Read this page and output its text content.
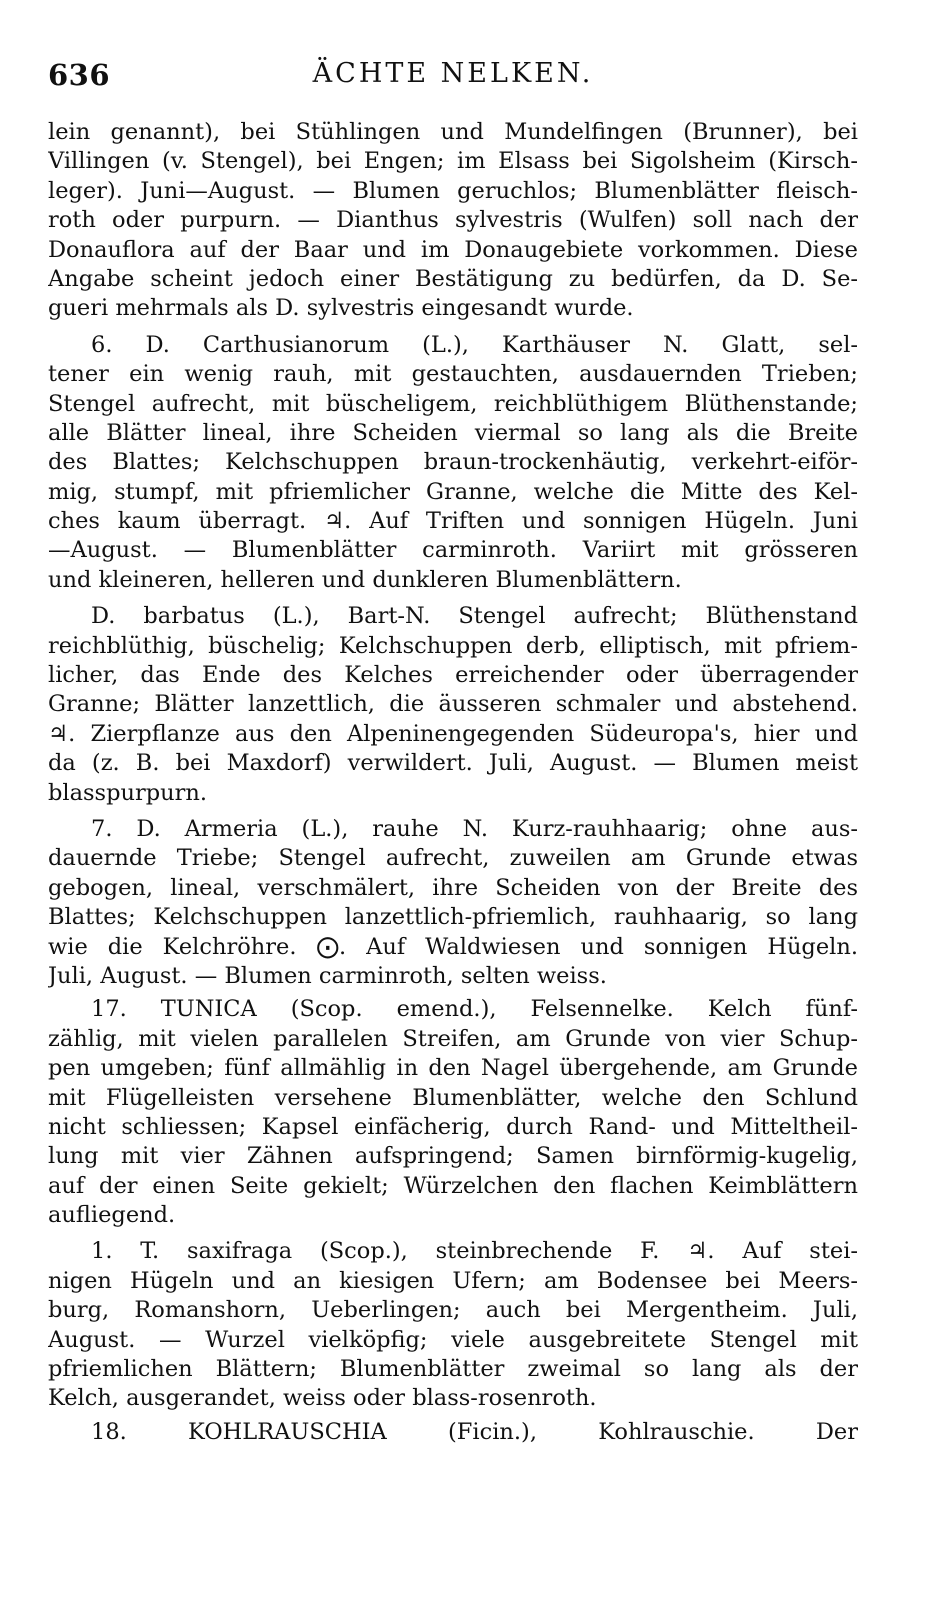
636	ÄCHTE NELKEN.
lein genannt), bei Stühlingen und Mundelfingen (Brunner), bei
Villingen (v. Stengel), bei Engen; im Elsass bei Sigolsheim (Kirsch-
leger). Juni—August. — Blumen geruchlos; Blumenblätter fleisch-
roth oder purpurn. — Dianthus sylvestris (Wulfen) soll nach der
Donauflora auf der Baar und im Donaugebiete vorkommen. Diese
Angabe scheint jedoch einer Bestätigung zu bedürfen, da D. Se-
gueri mehrmals als D. sylvestris eingesandt wurde.
6. D. Carthusianorum (L.), Karthäuser N. Glatt, sel-
tener ein wenig rauh, mit gestauchten, ausdauernden Trieben;
Stengel aufrecht, mit büscheligem, reichblüthigem Blüthenstande;
alle Blätter lineal, ihre Scheiden viermal so lang als die Breite
des Blattes; Kelchschuppen braun-trockenhäutig, verkehrt-eiför-
mig, stumpf, mit pfriemlicher Granne, welche die Mitte des Kel-
ches kaum überragt. ♃. Auf Triften und sonnigen Hügeln. Juni
—August. — Blumenblätter carminroth. Variirt mit grösseren
und kleineren, helleren und dunkleren Blumenblättern.
D. barbatus (L.), Bart-N. Stengel aufrecht; Blüthenstand
reichblüthig, büschelig; Kelchschuppen derb, elliptisch, mit pfriem-
licher, das Ende des Kelches erreichender oder überragender
Granne; Blätter lanzettlich, die äusseren schmaler und abstehend.
♃. Zierpflanze aus den Alpeninengegenden Südeuropa's, hier und
da (z. B. bei Maxdorf) verwildert. Juli, August. — Blumen meist
blasspurpurn.
7. D. Armeria (L.), rauhe N. Kurz-rauhhaarig; ohne aus-
dauernde Triebe; Stengel aufrecht, zuweilen am Grunde etwas
gebogen, lineal, verschmälert, ihre Scheiden von der Breite des
Blattes; Kelchschuppen lanzettlich-pfriemlich, rauhhaarig, so lang
wie die Kelchröhre. ⨀. Auf Waldwiesen und sonnigen Hügeln.
Juli, August. — Blumen carminroth, selten weiss.
17. TUNICA (Scop. emend.), Felsennelke. Kelch fünf-
zählig, mit vielen parallelen Streifen, am Grunde von vier Schup-
pen umgeben; fünf allmählig in den Nagel übergehende, am Grunde
mit Flügelleisten versehene Blumenblätter, welche den Schlund
nicht schliessen; Kapsel einfächerig, durch Rand- und Mitteltheil-
lung mit vier Zähnen aufspringend; Samen birnförmig-kugelig,
auf der einen Seite gekielt; Würzelchen den flachen Keimblättern
aufliegend.
1. T. saxifraga (Scop.), steinbrechende F. ♃. Auf stei-
nigen Hügeln und an kiesigen Ufern; am Bodensee bei Meers-
burg, Romanshorn, Ueberlingen; auch bei Mergentheim. Juli,
August. — Wurzel vielköpfig; viele ausgebreitete Stengel mit
pfriemlichen Blättern; Blumenblätter zweimal so lang als der
Kelch, ausgerandet, weiss oder blass-rosenroth.
18. KOHLRAUSCHIA (Ficin.), Kohlrauschie. Der
